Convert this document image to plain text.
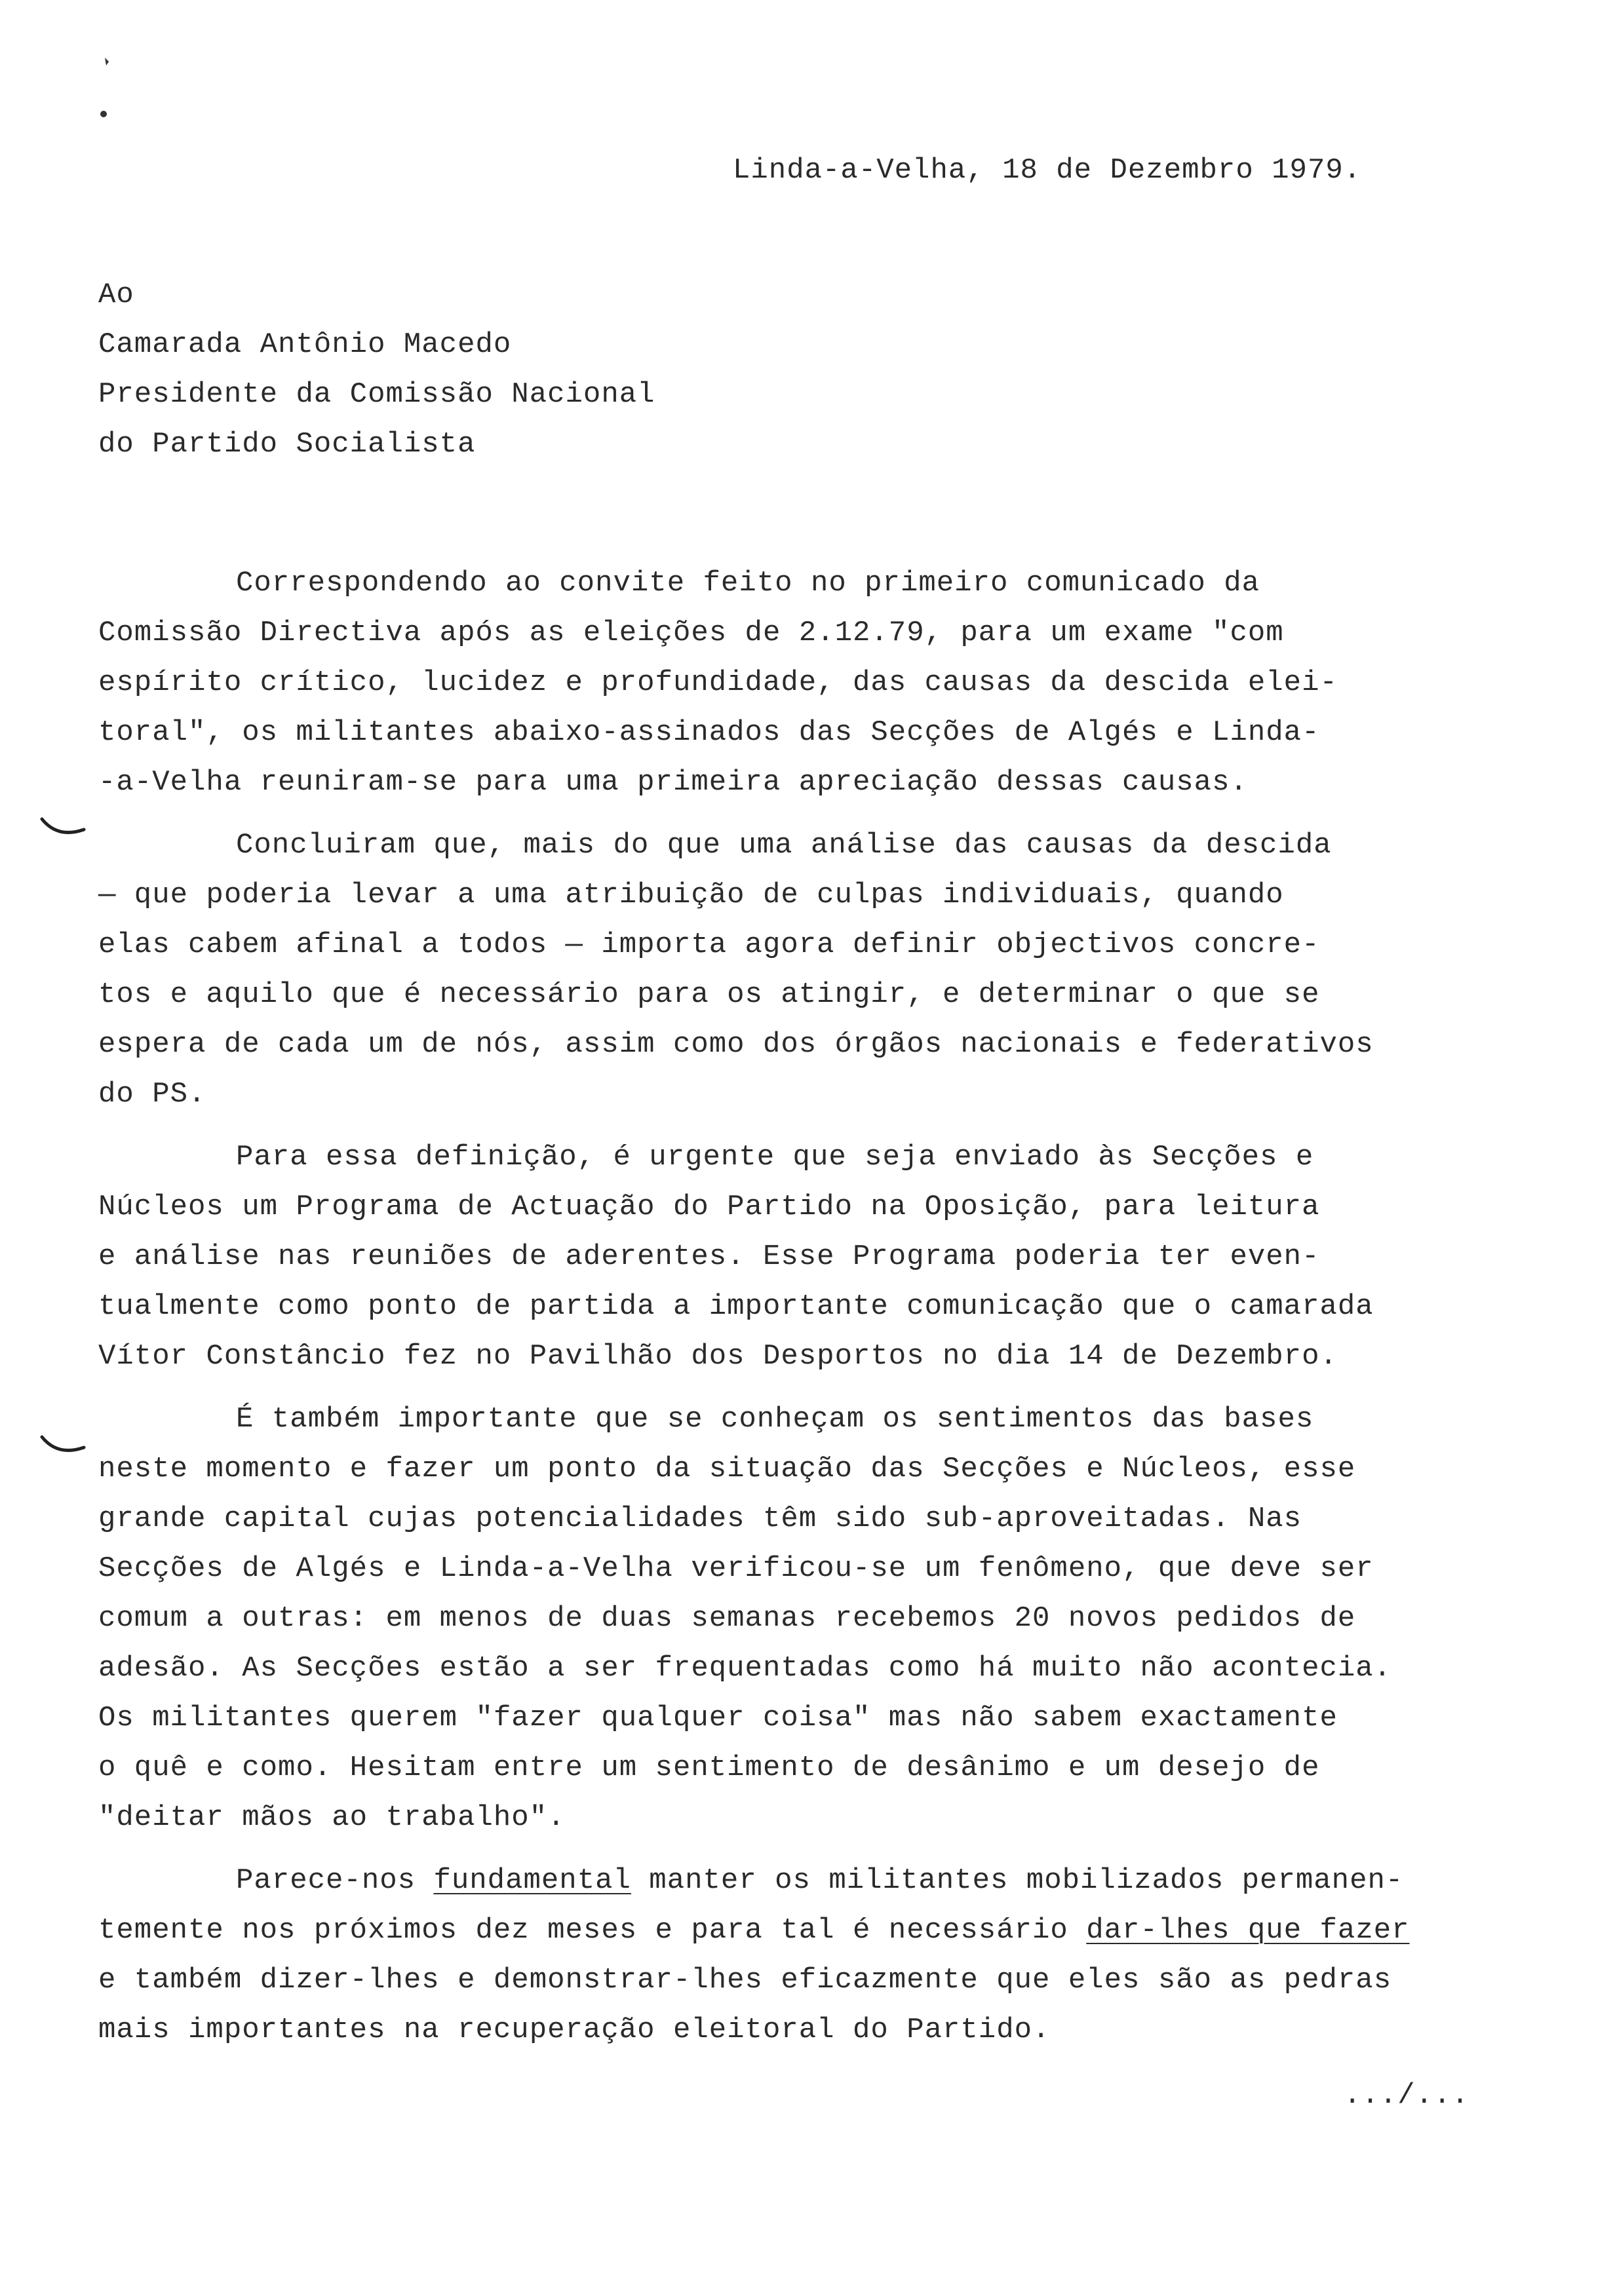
Linda-a-Velha, 18 de Dezembro 1979.
Ao
Camarada Antônio Macedo
Presidente da Comissão Nacional
do Partido Socialista
Correspondendo ao convite feito no primeiro comunicado da
Comissão Directiva após as eleições de 2.12.79, para um exame "com
espírito crítico, lucidez e profundidade, das causas da descida elei-
toral", os militantes abaixo-assinados das Secções de Algés e Linda-
-a-Velha reuniram-se para uma primeira apreciação dessas causas.
Concluiram que, mais do que uma análise das causas da descida
— que poderia levar a uma atribuição de culpas individuais, quando
elas cabem afinal a todos — importa agora definir objectivos concre-
tos e aquilo que é necessário para os atingir, e determinar o que se
espera de cada um de nós, assim como dos órgãos nacionais e federativos
do PS.
Para essa definição, é urgente que seja enviado às Secções e
Núcleos um Programa de Actuação do Partido na Oposição, para leitura
e análise nas reuniões de aderentes. Esse Programa poderia ter even-
tualmente como ponto de partida a importante comunicação que o camarada
Vítor Constâncio fez no Pavilhão dos Desportos no dia 14 de Dezembro.
É também importante que se conheçam os sentimentos das bases
neste momento e fazer um ponto da situação das Secções e Núcleos, esse
grande capital cujas potencialidades têm sido sub-aproveitadas. Nas
Secções de Algés e Linda-a-Velha verificou-se um fenômeno, que deve ser
comum a outras: em menos de duas semanas recebemos 20 novos pedidos de
adesão. As Secções estão a ser frequentadas como há muito não acontecia.
Os militantes querem "fazer qualquer coisa" mas não sabem exactamente
o quê e como. Hesitam entre um sentimento de desânimo e um desejo de
"deitar mãos ao trabalho".
Parece-nos fundamental manter os militantes mobilizados permanen-
temente nos próximos dez meses e para tal é necessário dar-lhes que fazer
e também dizer-lhes e demonstrar-lhes eficazmente que eles são as pedras
mais importantes na recuperação eleitoral do Partido.
.../...
